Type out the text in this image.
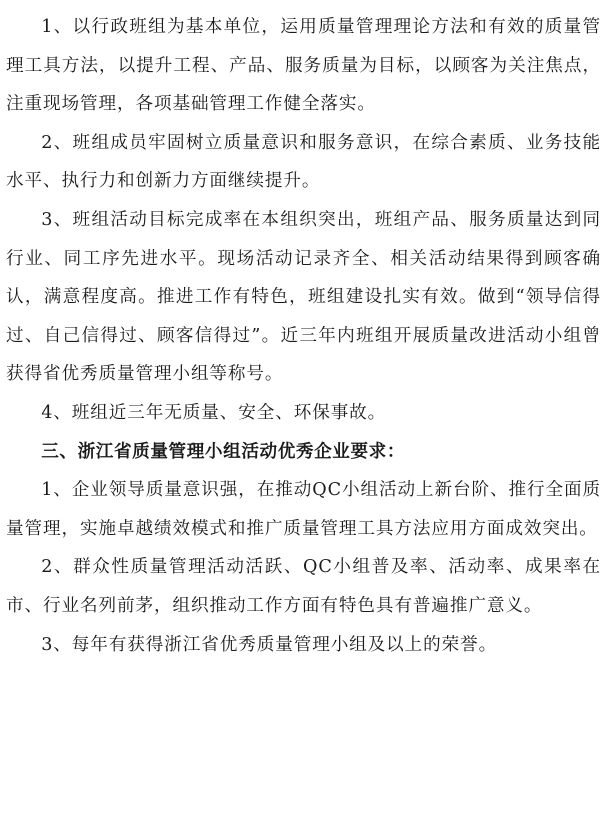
1、以行政班组为基本单位，运用质量管理理论方法和有效的质量管理工具方法，以提升工程、产品、服务质量为目标，以顾客为关注焦点，注重现场管理，各项基础管理工作健全落实。

2、班组成员牢固树立质量意识和服务意识，在综合素质、业务技能水平、执行力和创新力方面继续提升。

3、班组活动目标完成率在本组织突出，班组产品、服务质量达到同行业、同工序先进水平。现场活动记录齐全、相关活动结果得到顾客确认，满意程度高。推进工作有特色，班组建设扎实有效。做到“领导信得过、自己信得过、顾客信得过”。近三年内班组开展质量改进活动小组曾获得省优秀质量管理小组等称号。

4、班组近三年无质量、安全、环保事故。

三、浙江省质量管理小组活动优秀企业要求：

1、企业领导质量意识强，在推动QC小组活动上新台阶、推行全面质量管理，实施卓越绩效模式和推广质量管理工具方法应用方面成效突出。

2、群众性质量管理活动活跃、QC小组普及率、活动率、成果率在市、行业名列前茅，组织推动工作方面有特色具有普遍推广意义。

3、每年有获得浙江省优秀质量管理小组及以上的荣誉。
